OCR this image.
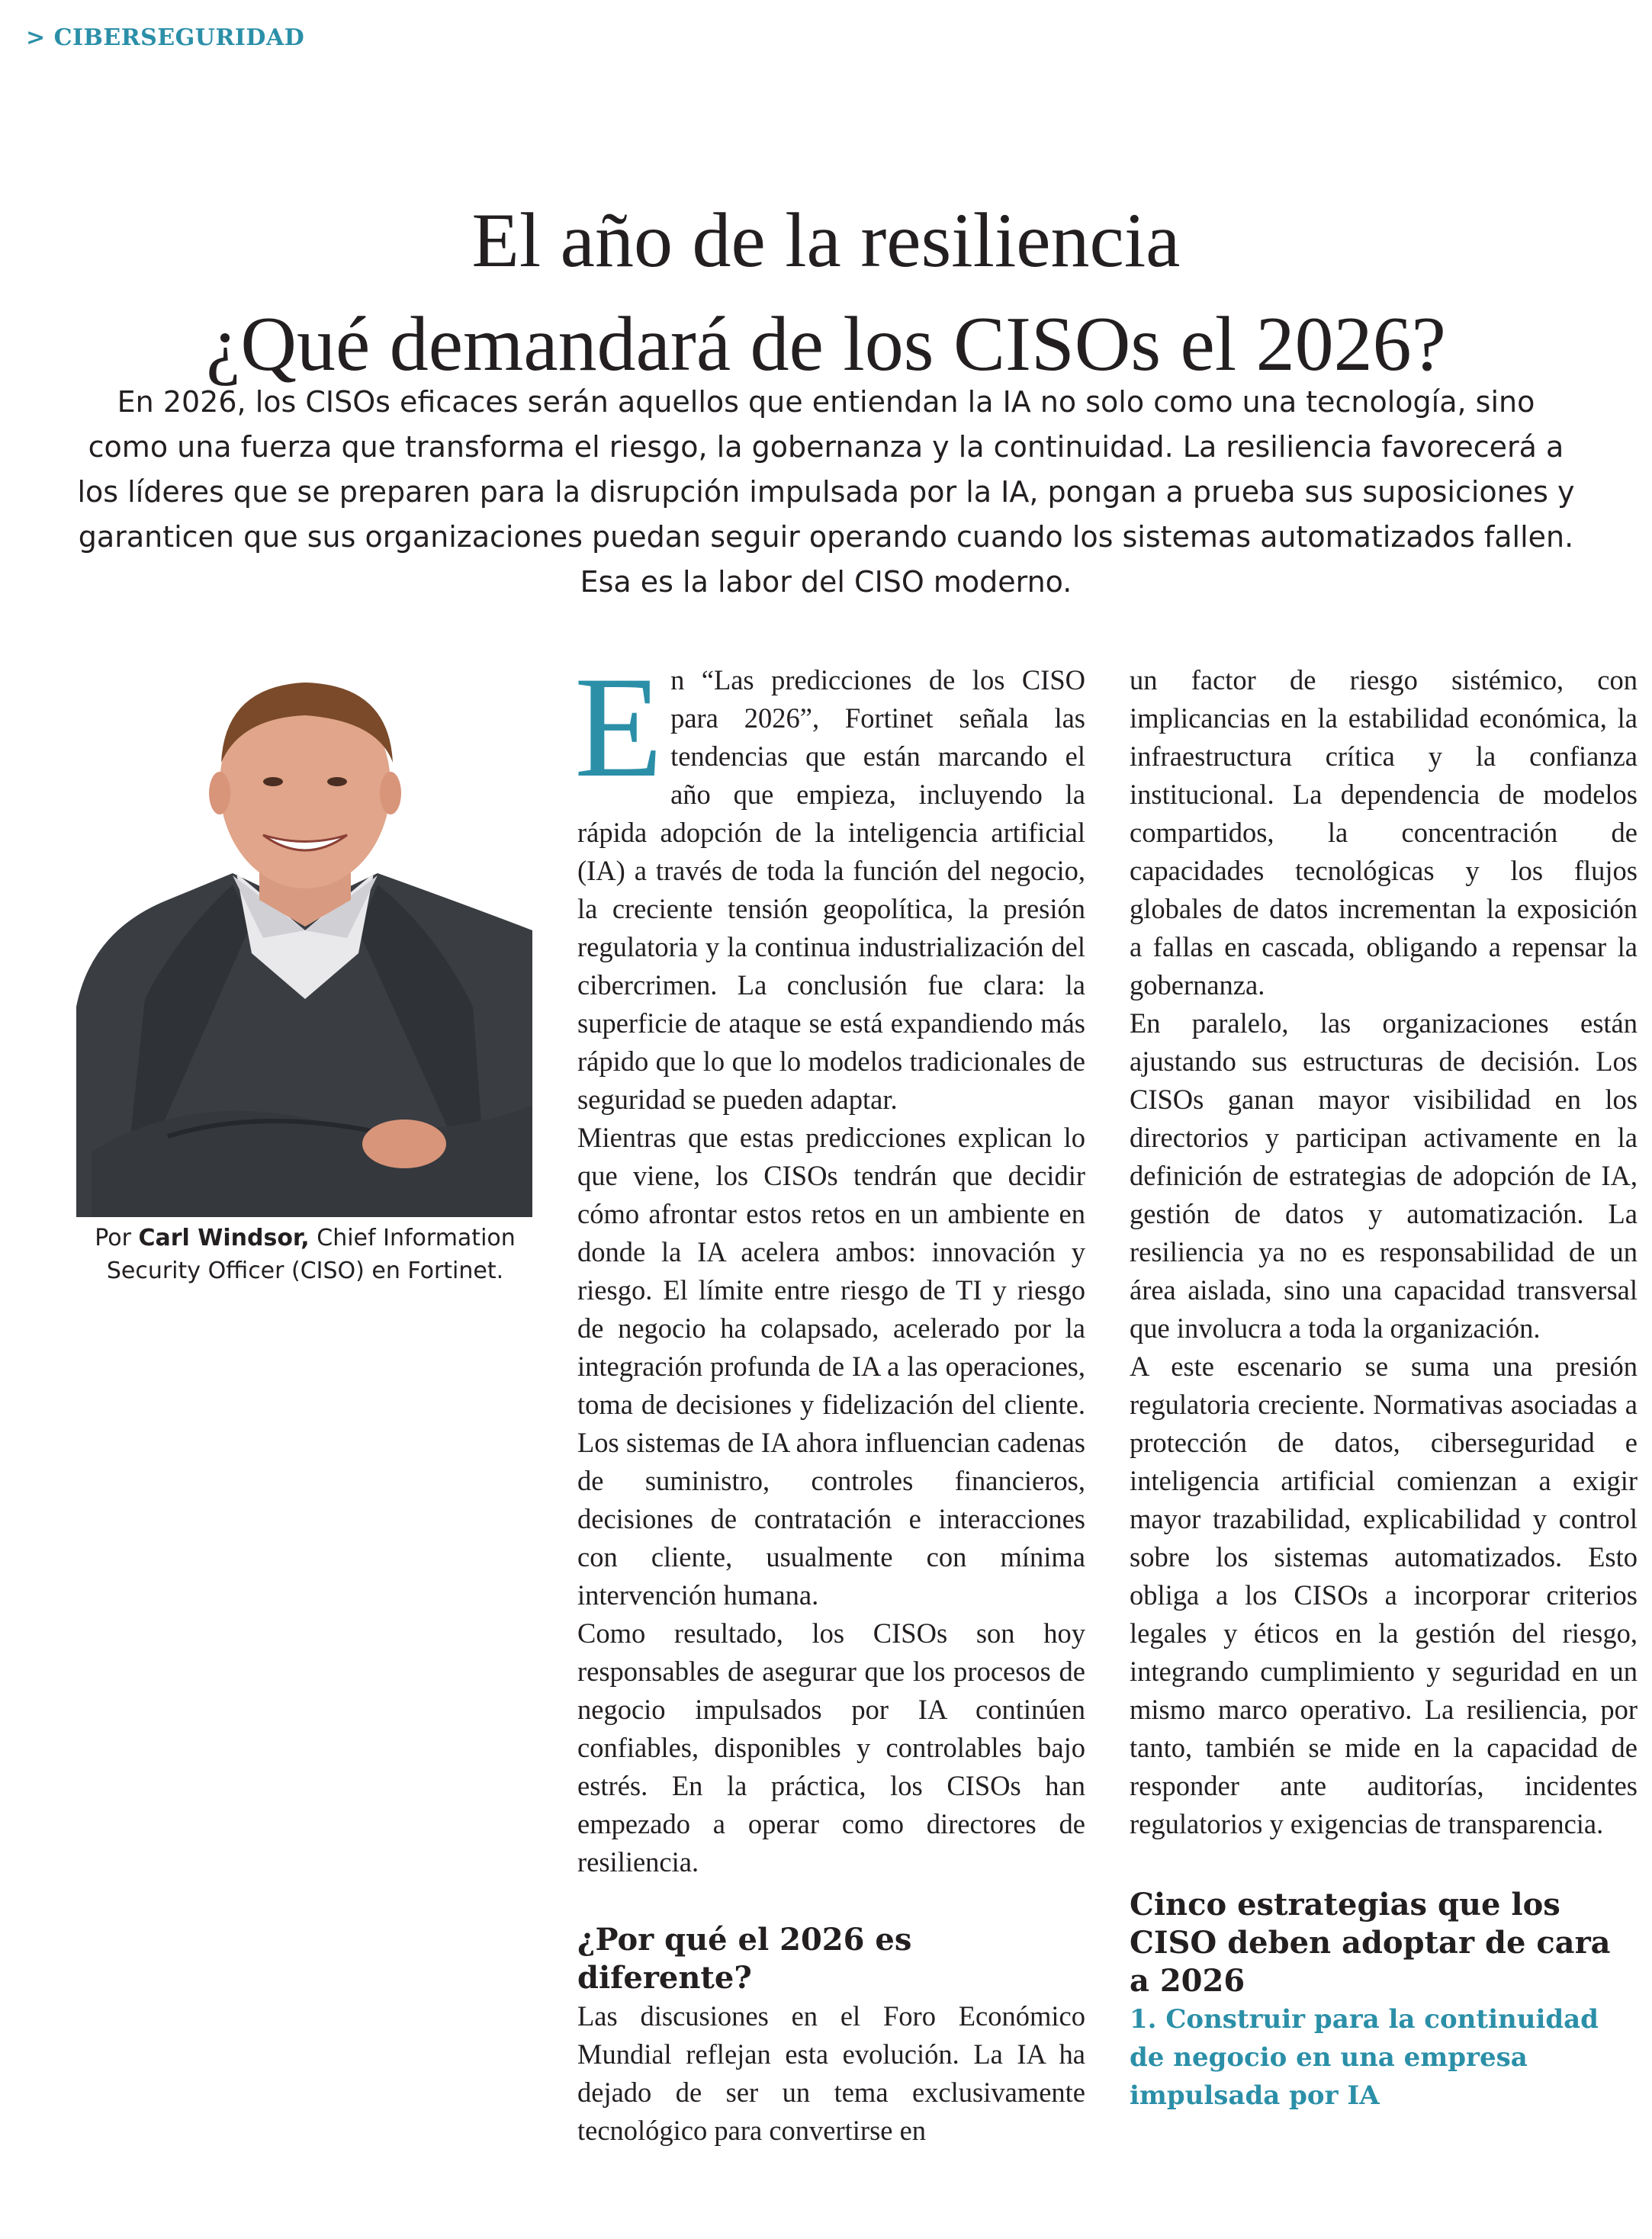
> CIBERSEGURIDAD
El año de la resiliencia
¿Qué demandará de los CISOs el 2026?
En 2026, los CISOs eficaces serán aquellos que entiendan la IA no solo como una tecnología, sino como una fuerza que transforma el riesgo, la gobernanza y la continuidad. La resiliencia favorecerá a los líderes que se preparen para la disrupción impulsada por la IA, pongan a prueba sus suposiciones y garanticen que sus organizaciones puedan seguir operando cuando los sistemas automatizados fallen. Esa es la labor del CISO moderno.
Por Carl Windsor, Chief Information Security Officer (CISO) en Fortinet.

En “Las predicciones de los CISO para 2026”, Fortinet señala las tendencias que están marcando el año que empieza, incluyendo la rápida adopción de la inteligencia artificial (IA) a través de toda la función del negocio, la creciente tensión geopolítica, la presión regulatoria y la continua industrialización del cibercrimen. La conclusión fue clara: la superficie de ataque se está expandiendo más rápido que lo que lo modelos tradicionales de seguridad se pueden adaptar.

Mientras que estas predicciones explican lo que viene, los CISOs tendrán que decidir cómo afrontar estos retos en un ambiente en donde la IA acelera ambos: innovación y riesgo. El límite entre riesgo de TI y riesgo de negocio ha colapsado, acelerado por la integración profunda de IA a las operaciones, toma de decisiones y fidelización del cliente. Los sistemas de IA ahora influencian cadenas de suministro, controles financieros, decisiones de contratación e interacciones con cliente, usualmente con mínima intervención humana.

Como resultado, los CISOs son hoy responsables de asegurar que los procesos de negocio impulsados por IA continúen confiables, disponibles y controlables bajo estrés. En la práctica, los CISOs han empezado a operar como directores de resiliencia.

¿Por qué el 2026 es diferente?

Las discusiones en el Foro Económico Mundial reflejan esta evolución. La IA ha dejado de ser un tema exclusivamente tecnológico para convertirse en

un factor de riesgo sistémico, con implicancias en la estabilidad económica, la infraestructura crítica y la confianza institucional. La dependencia de modelos compartidos, la concentración de capacidades tecnológicas y los flujos globales de datos incrementan la exposición a fallas en cascada, obligando a repensar la gobernanza.

En paralelo, las organizaciones están ajustando sus estructuras de decisión. Los CISOs ganan mayor visibilidad en los directorios y participan activamente en la definición de estrategias de adopción de IA, gestión de datos y automatización. La resiliencia ya no es responsabilidad de un área aislada, sino una capacidad transversal que involucra a toda la organización.

A este escenario se suma una presión regulatoria creciente. Normativas asociadas a protección de datos, ciberseguridad e inteligencia artificial comienzan a exigir mayor trazabilidad, explicabilidad y control sobre los sistemas automatizados. Esto obliga a los CISOs a incorporar criterios legales y éticos en la gestión del riesgo, integrando cumplimiento y seguridad en un mismo marco operativo. La resiliencia, por tanto, también se mide en la capacidad de responder ante auditorías, incidentes regulatorios y exigencias de transparencia.

Cinco estrategias que los CISO deben adoptar de cara a 2026
1. Construir para la continuidad de negocio en una empresa impulsada por IA
